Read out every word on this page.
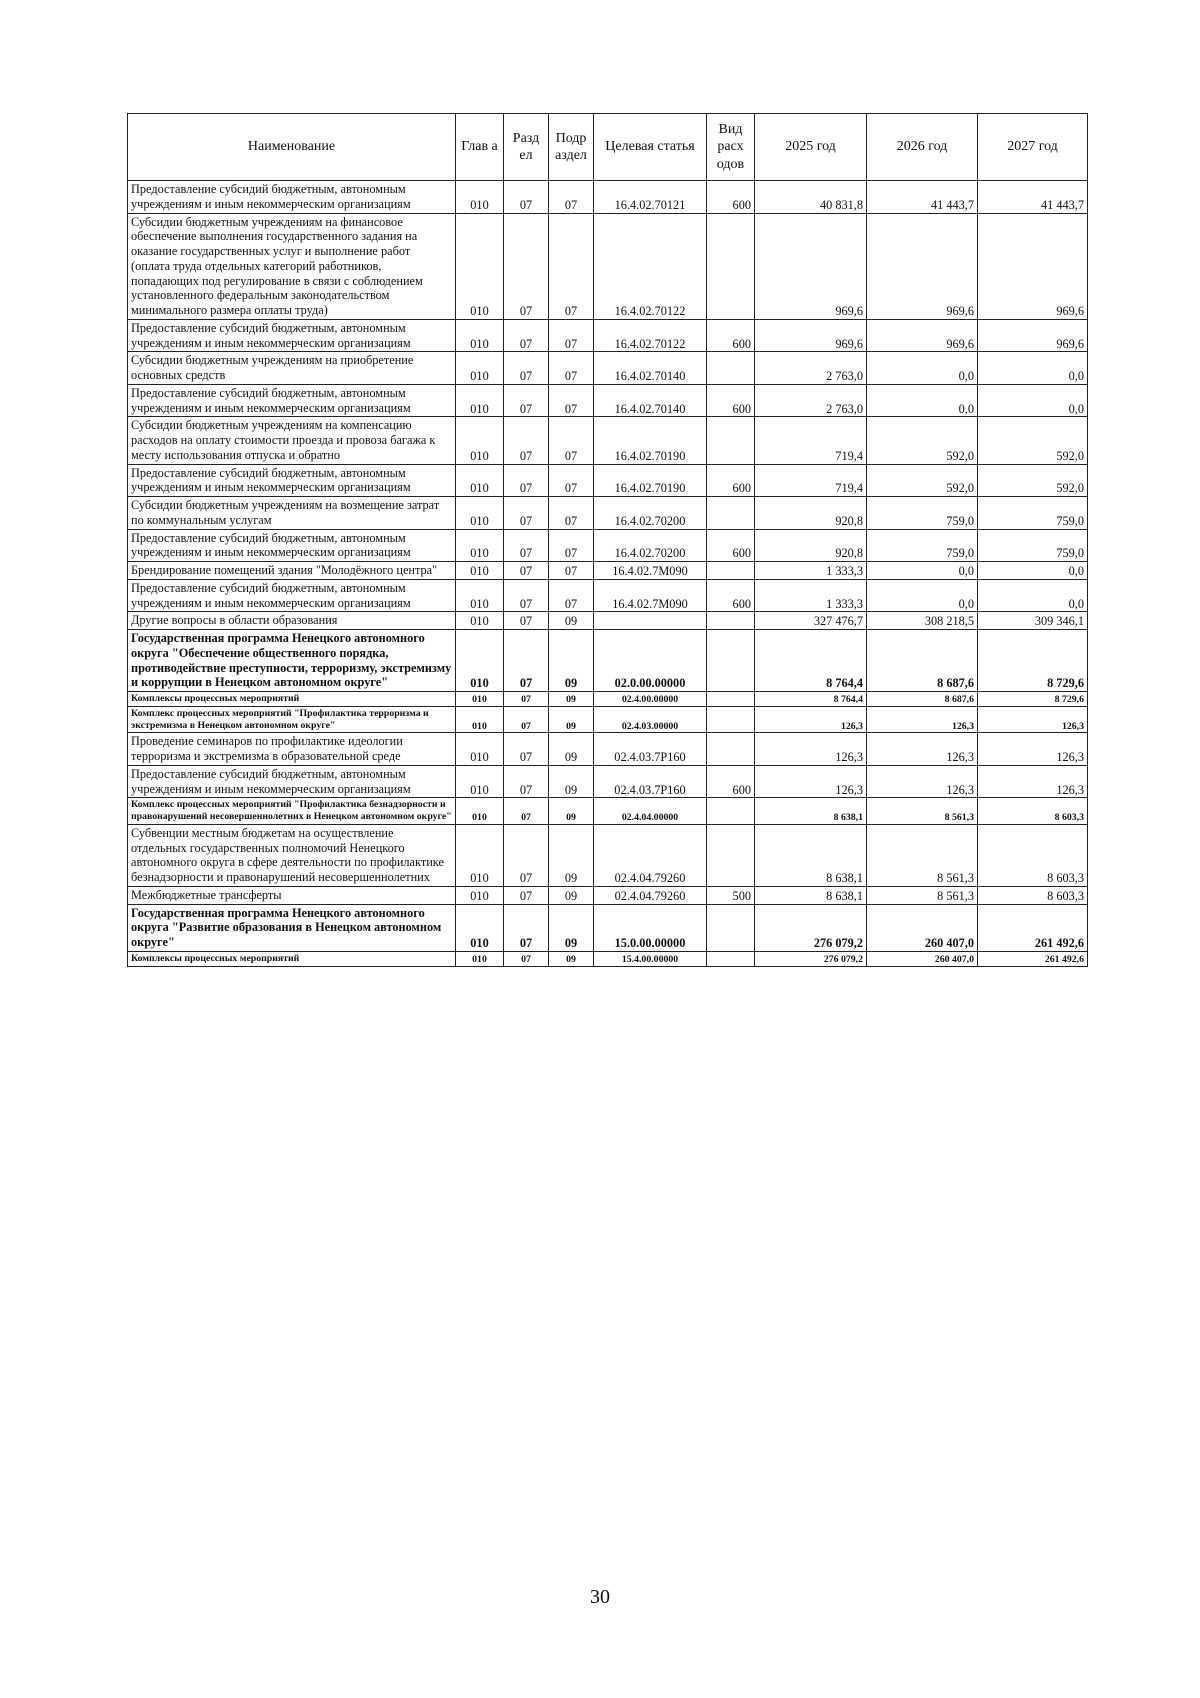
Наименование	Глав а	Разд ел	Подр аздел	Целевая статья	Вид расх одов	2025 год	2026 год	2027 год
Предоставление субсидий бюджетным, автономным учреждениям и иным некоммерческим организациям	010	07	07	16.4.02.70121	600	40 831,8	41 443,7	41 443,7
Субсидии бюджетным учреждениям на финансовое обеспечение выполнения государственного задания на оказание государственных услуг и выполнение работ (оплата труда отдельных категорий работников, попадающих под регулирование в связи с соблюдением установленного федеральным законодательством минимального размера оплаты труда)	010	07	07	16.4.02.70122		969,6	969,6	969,6
Предоставление субсидий бюджетным, автономным учреждениям и иным некоммерческим организациям	010	07	07	16.4.02.70122	600	969,6	969,6	969,6
Субсидии бюджетным учреждениям на приобретение основных средств	010	07	07	16.4.02.70140		2 763,0	0,0	0,0
Предоставление субсидий бюджетным, автономным учреждениям и иным некоммерческим организациям	010	07	07	16.4.02.70140	600	2 763,0	0,0	0,0
Субсидии бюджетным учреждениям на компенсацию расходов на оплату стоимости проезда и провоза багажа к месту использования отпуска и обратно	010	07	07	16.4.02.70190		719,4	592,0	592,0
Предоставление субсидий бюджетным, автономным учреждениям и иным некоммерческим организациям	010	07	07	16.4.02.70190	600	719,4	592,0	592,0
Субсидии бюджетным учреждениям на возмещение затрат по коммунальным услугам	010	07	07	16.4.02.70200		920,8	759,0	759,0
Предоставление субсидий бюджетным, автономным учреждениям и иным некоммерческим организациям	010	07	07	16.4.02.70200	600	920,8	759,0	759,0
Брендирование помещений здания "Молодёжного центра"	010	07	07	16.4.02.7М090		1 333,3	0,0	0,0
Предоставление субсидий бюджетным, автономным учреждениям и иным некоммерческим организациям	010	07	07	16.4.02.7М090	600	1 333,3	0,0	0,0
Другие вопросы в области образования	010	07	09			327 476,7	308 218,5	309 346,1
Государственная программа Ненецкого автономного округа "Обеспечение общественного порядка, противодействие преступности, терроризму, экстремизму и коррупции в Ненецком автономном округе"	010	07	09	02.0.00.00000		8 764,4	8 687,6	8 729,6
Комплексы процессных мероприятий	010	07	09	02.4.00.00000		8 764,4	8 687,6	8 729,6
Комплекс процессных мероприятий "Профилактика терроризма и экстремизма в Ненецком автономном округе"	010	07	09	02.4.03.00000		126,3	126,3	126,3
Проведение семинаров по профилактике идеологии терроризма и экстремизма в образовательной среде	010	07	09	02.4.03.7Р160		126,3	126,3	126,3
Предоставление субсидий бюджетным, автономным учреждениям и иным некоммерческим организациям	010	07	09	02.4.03.7Р160	600	126,3	126,3	126,3
Комплекс процессных мероприятий "Профилактика безнадзорности и правонарушений несовершеннолетних в Ненецком автономном округе"	010	07	09	02.4.04.00000		8 638,1	8 561,3	8 603,3
Субвенции местным бюджетам на осуществление отдельных государственных полномочий Ненецкого автономного округа в сфере деятельности по профилактике безнадзорности и правонарушений несовершеннолетних	010	07	09	02.4.04.79260		8 638,1	8 561,3	8 603,3
Межбюджетные трансферты	010	07	09	02.4.04.79260	500	8 638,1	8 561,3	8 603,3
Государственная программа Ненецкого автономного округа "Развитие образования в Ненецком автономном округе"	010	07	09	15.0.00.00000		276 079,2	260 407,0	261 492,6
Комплексы процессных мероприятий	010	07	09	15.4.00.00000		276 079,2	260 407,0	261 492,6
30
